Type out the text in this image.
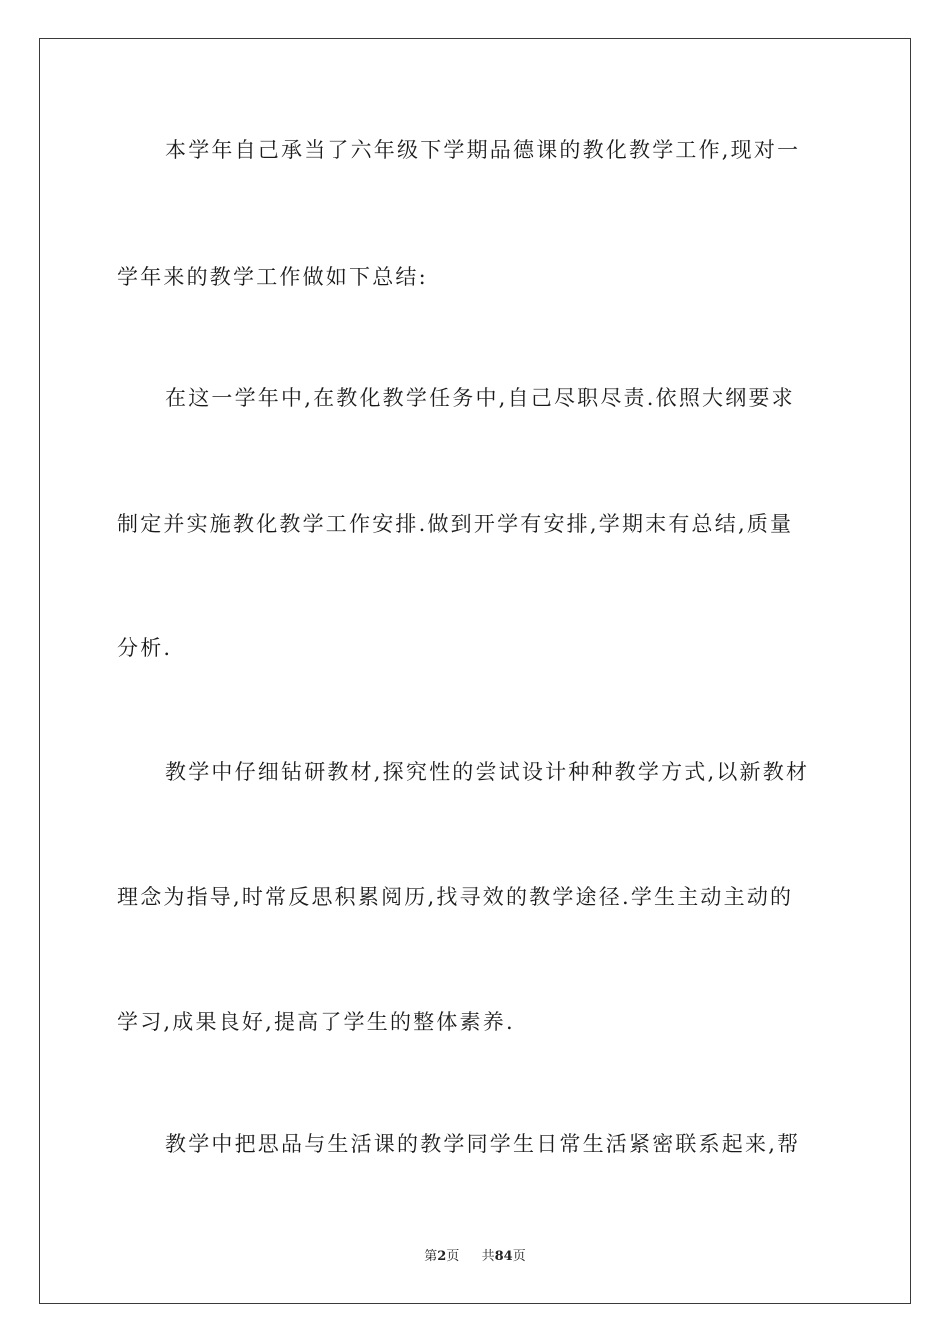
本学年自己承当了六年级下学期品德课的教化教学工作,现对一
学年来的教学工作做如下总结:
在这一学年中,在教化教学任务中,自己尽职尽责.依照大纲要求
制定并实施教化教学工作安排.做到开学有安排,学期末有总结,质量
分析.
教学中仔细钻研教材,探究性的尝试设计种种教学方式,以新教材
理念为指导,时常反思积累阅历,找寻效的教学途径.学生主动主动的
学习,成果良好,提高了学生的整体素养.
教学中把思品与生活课的教学同学生日常生活紧密联系起来,帮
第2页 共84页
